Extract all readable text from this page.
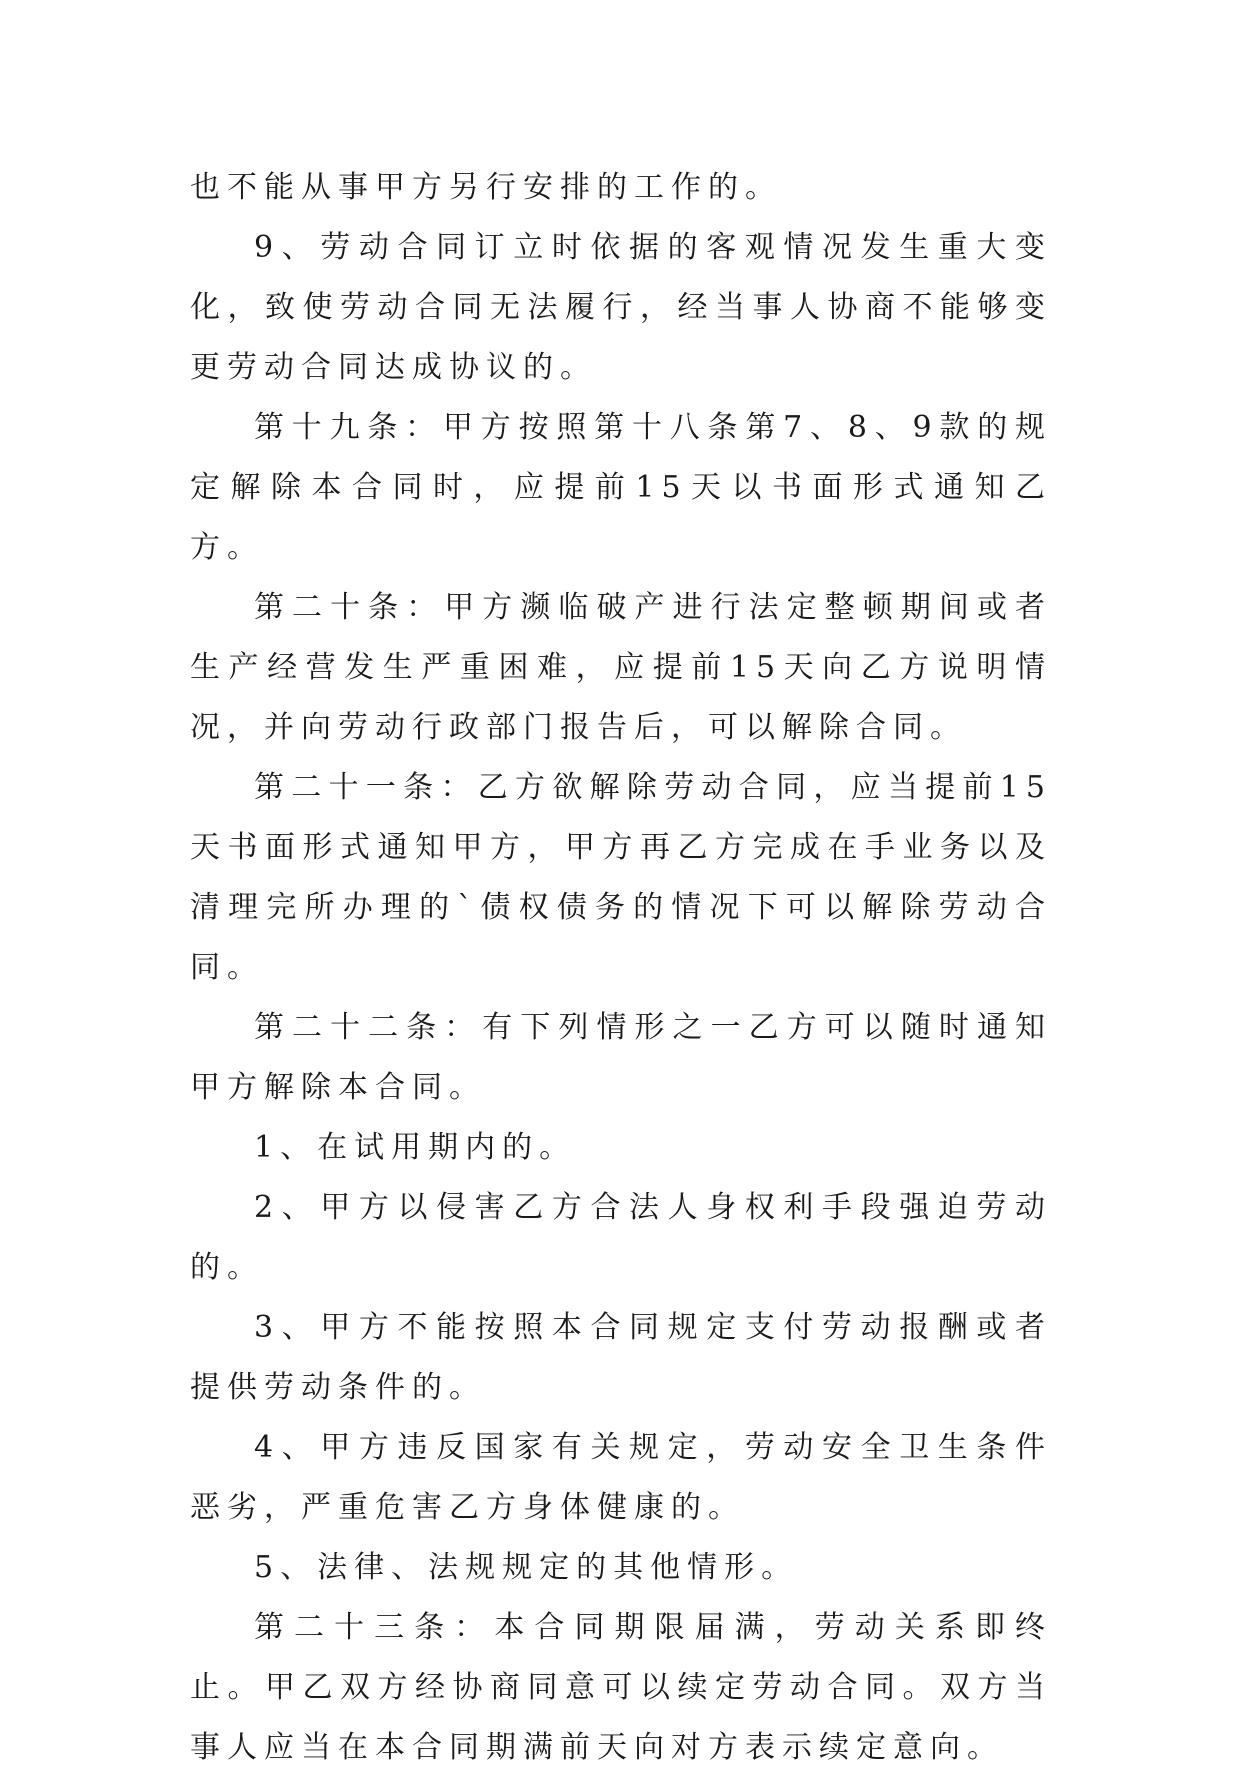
也不能从事甲方另行安排的工作的。

9、劳动合同订立时依据的客观情况发生重大变化，致使劳动合同无法履行，经当事人协商不能够变更劳动合同达成协议的。

第十九条：甲方按照第十八条第7、8、9款的规定解除本合同时，应提前15天以书面形式通知乙方。

第二十条：甲方濒临破产进行法定整顿期间或者生产经营发生严重困难，应提前15天向乙方说明情况，并向劳动行政部门报告后，可以解除合同。

第二十一条：乙方欲解除劳动合同，应当提前15天书面形式通知甲方，甲方再乙方完成在手业务以及清理完所办理的`债权债务的情况下可以解除劳动合同。

第二十二条：有下列情形之一乙方可以随时通知甲方解除本合同。

1、在试用期内的。

2、甲方以侵害乙方合法人身权利手段强迫劳动的。

3、甲方不能按照本合同规定支付劳动报酬或者提供劳动条件的。

4、甲方违反国家有关规定，劳动安全卫生条件恶劣，严重危害乙方身体健康的。

5、法律、法规规定的其他情形。

第二十三条：本合同期限届满，劳动关系即终止。甲乙双方经协商同意可以续定劳动合同。双方当事人应当在本合同期满前天向对方表示续定意向。
